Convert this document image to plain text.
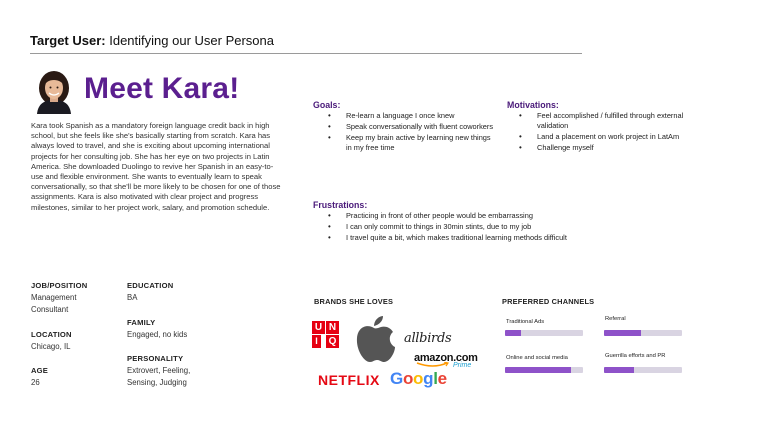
Target User: Identifying our User Persona
Meet Kara!
Kara took Spanish as a mandatory foreign language credit back in high school, but she feels like she's basically starting from scratch. Kara has always loved to travel, and she is exciting about upcoming international projects for her consulting job. She has her eye on two projects in Latin America. She downloaded Duolingo to revive her Spanish in an easy-to-use and flexible environment. She wants to eventually learn to speak conversationally, so that she'll be more likely to be chosen for one of those assignments. Kara is also motivated with clear project and progress milestones, similar to her project work, salary, and promotion schedule.
Goals:
• Re-learn a language I once knew
• Speak conversationally with fluent coworkers
• Keep my brain active by learning new things in my free time
Motivations:
• Feel accomplished / fulfilled through external validation
• Land a placement on work project in LatAm
• Challenge myself
Frustrations:
• Practicing in front of other people would be embarrassing
• I can only commit to things in 30min stints, due to my job
• I travel quite a bit, which makes traditional learning methods difficult
JOB/POSITION
Management
Consultant
LOCATION
Chicago, IL
AGE
26
EDUCATION
BA
FAMILY
Engaged, no kids
PERSONALITY
Extrovert, Feeling,
Sensing, Judging
BRANDS SHE LOVES
U N
I	Q	allbirds
amazon.com
Prime
NETFLIX Google
PREFERRED CHANNELS
Traditional Ads	Referral
Online and social media	Guerrilla efforts and PR
